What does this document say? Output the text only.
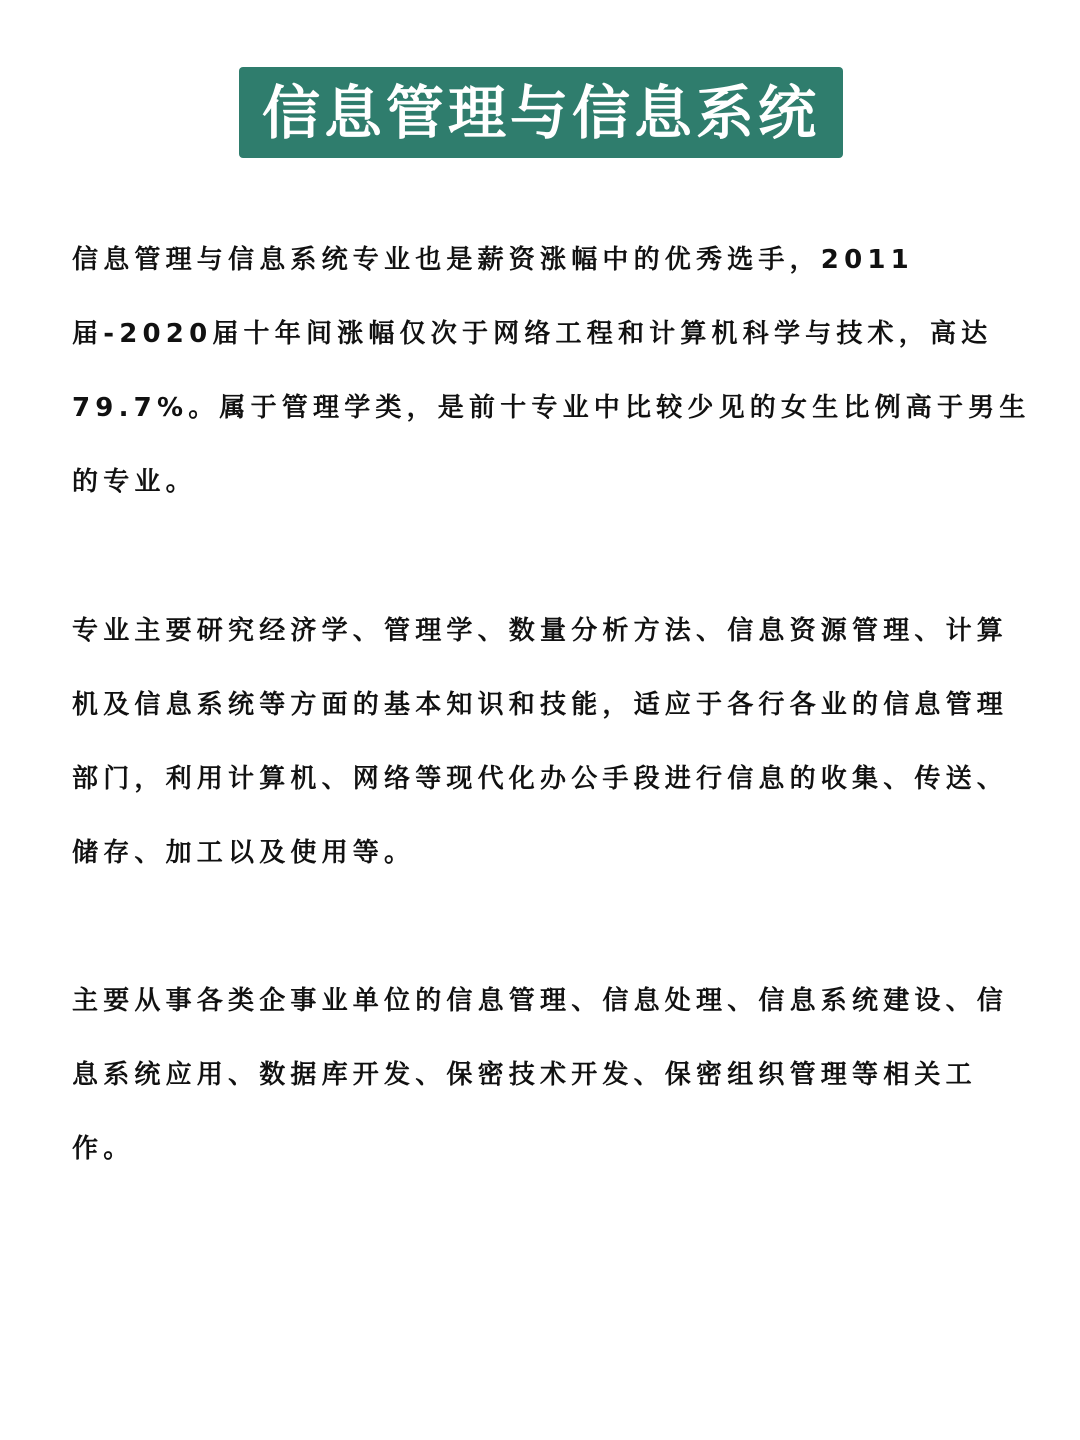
信息管理与信息系统
信息管理与信息系统专业也是薪资涨幅中的优秀选手，2011
届-2020届十年间涨幅仅次于网络工程和计算机科学与技术，高达
79.7%。属于管理学类，是前十专业中比较少见的女生比例高于男生
的专业。
专业主要研究经济学、管理学、数量分析方法、信息资源管理、计算
机及信息系统等方面的基本知识和技能，适应于各行各业的信息管理
部门，利用计算机、网络等现代化办公手段进行信息的收集、传送、
储存、加工以及使用等。
主要从事各类企事业单位的信息管理、信息处理、信息系统建设、信
息系统应用、数据库开发、保密技术开发、保密组织管理等相关工
作。
